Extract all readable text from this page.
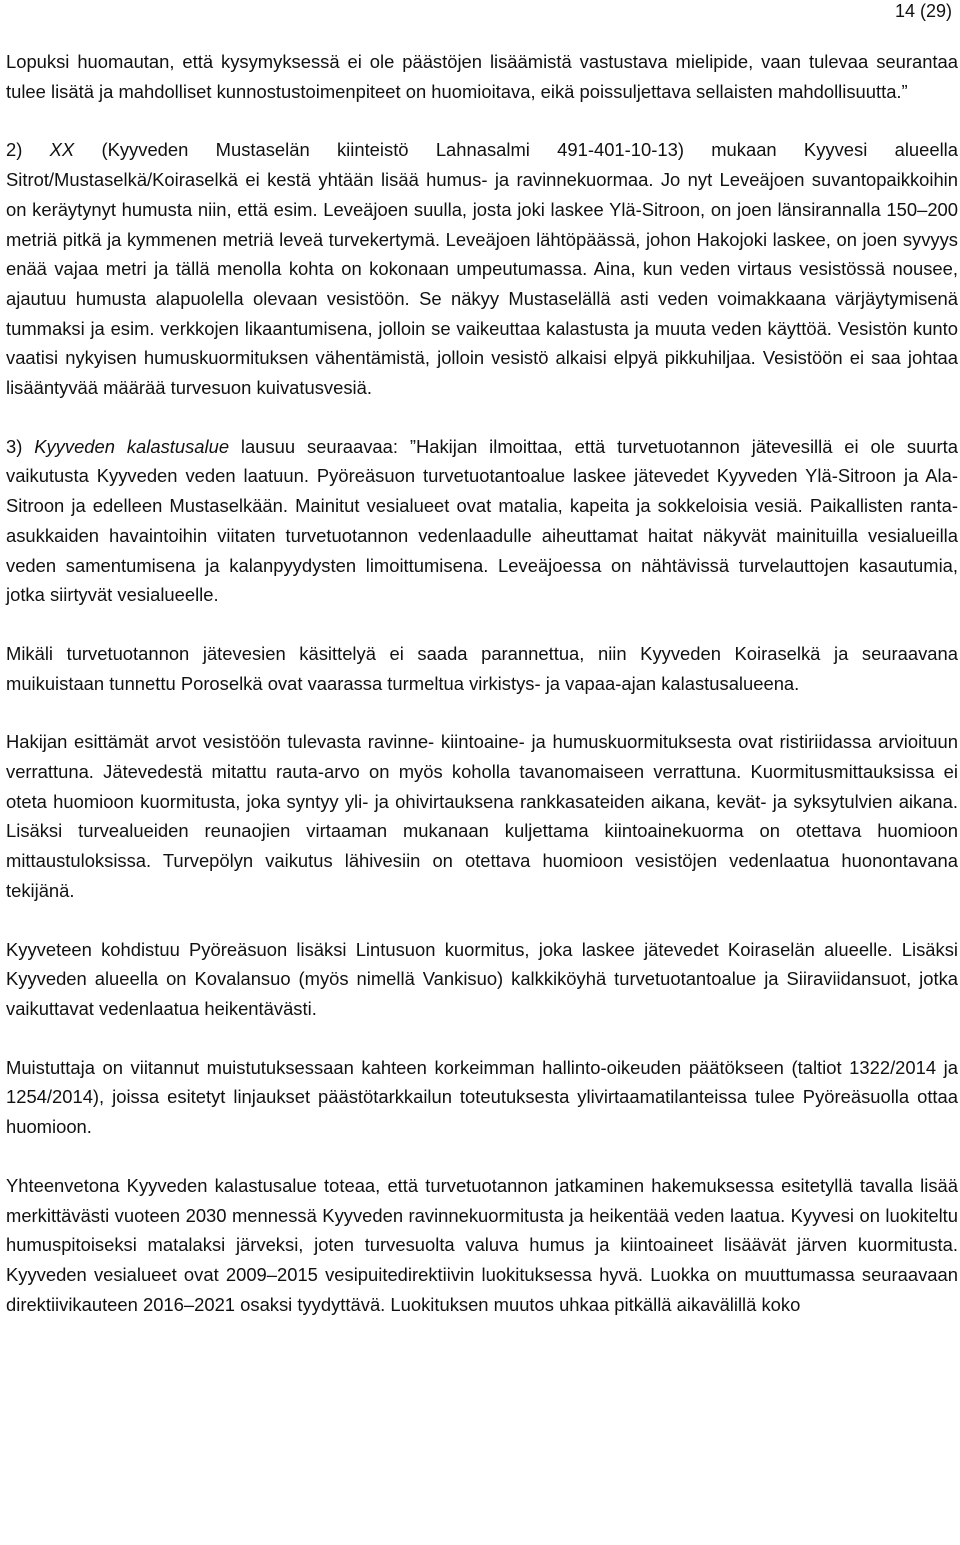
14 (29)

Lopuksi huomautan, että kysymyksessä ei ole päästöjen lisäämistä vastustava mielipide, vaan tulevaa seurantaa tulee lisätä ja mahdolliset kunnostustoimenpiteet on huomioitava, eikä poissuljettava sellaisten mahdollisuutta.”

2) XX (Kyyveden Mustaselän kiinteistö Lahnasalmi 491-401-10-13) mukaan Kyyvesi alueella Sitrot/Mustaselkä/Koiraselkä ei kestä yhtään lisää humus- ja ravinnekuormaa. Jo nyt Leveäjoen suvantopaikkoihin on keräytynyt humusta niin, että esim. Leveäjoen suulla, josta joki laskee Ylä-Sitroon, on joen länsirannalla 150‒200 metriä pitkä ja kymmenen metriä leveä turvekertymä. Leveäjoen lähtöpäässä, johon Hakojoki laskee, on joen syvyys enää vajaa metri ja tällä menolla kohta on kokonaan umpeutumassa. Aina, kun veden virtaus vesistössä nousee, ajautuu humusta alapuolella olevaan vesistöön. Se näkyy Mustaselällä asti veden voimakkaana värjäytymisenä tummaksi ja esim. verkkojen likaantumisena, jolloin se vaikeuttaa kalastusta ja muuta veden käyttöä. Vesistön kunto vaatisi nykyisen humuskuormituksen vähentämistä, jolloin vesistö alkaisi elpyä pikkuhiljaa. Vesistöön ei saa johtaa lisääntyvää määrää turvesuon kuivatusvesiä.

3) Kyyveden kalastusalue lausuu seuraavaa: ”Hakijan ilmoittaa, että turvetuotannon jätevesillä ei ole suurta vaikutusta Kyyveden veden laatuun. Pyöreäsuon turvetuotantoalue laskee jätevedet Kyyveden Ylä-Sitroon ja Ala-Sitroon ja edelleen Mustaselkään. Mainitut vesialueet ovat matalia, kapeita ja sokkeloisia vesiä. Paikallisten ranta-asukkaiden havaintoihin viitaten turvetuotannon vedenlaadulle aiheuttamat haitat näkyvät mainituilla vesialueilla veden samentumisena ja kalanpyydysten limoittumisena. Leveäjoessa on nähtävissä turvelauttojen kasautumia, jotka siirtyvät vesialueelle.

Mikäli turvetuotannon jätevesien käsittelyä ei saada parannettua, niin Kyyveden Koiraselkä ja seuraavana muikuistaan tunnettu Poroselkä ovat vaarassa turmeltua virkistys- ja vapaa-ajan kalastusalueena.

Hakijan esittämät arvot vesistöön tulevasta ravinne- kiintoaine- ja humuskuormituksesta ovat ristiriidassa arvioituun verrattuna. Jätevedestä mitattu rauta-arvo on myös koholla tavanomaiseen verrattuna. Kuormitusmittauksissa ei oteta huomioon kuormitusta, joka syntyy yli- ja ohivirtauksena rankkasateiden aikana, kevät- ja syksytulvien aikana. Lisäksi turvealueiden reunaojien virtaaman mukanaan kuljettama kiintoainekuorma on otettava huomioon mittaustuloksissa. Turvepölyn vaikutus lähivesiin on otettava huomioon vesistöjen vedenlaatua huonontavana tekijänä.

Kyyveteen kohdistuu Pyöreäsuon lisäksi Lintusuon kuormitus, joka laskee jätevedet Koiraselän alueelle. Lisäksi Kyyveden alueella on Kovalansuo (myös nimellä Vankisuo) kalkkiköyhä turvetuotantoalue ja Siiraviidansuot, jotka vaikuttavat vedenlaatua heikentävästi.

Muistuttaja on viitannut muistutuksessaan kahteen korkeimman hallinto-oikeuden päätökseen (taltiot 1322/2014 ja 1254/2014), joissa esitetyt linjaukset päästötarkkailun toteutuksesta ylivirtaamatilanteissa tulee Pyöreäsuolla ottaa huomioon.

Yhteenvetona Kyyveden kalastusalue toteaa, että turvetuotannon jatkaminen hakemuksessa esitetyllä tavalla lisää merkittävästi vuoteen 2030 mennessä Kyyveden ravinnekuormitusta ja heikentää veden laatua. Kyyvesi on luokiteltu humuspitoiseksi matalaksi järveksi, joten turvesuolta valuva humus ja kiintoaineet lisäävät järven kuormitusta. Kyyveden vesialueet ovat 2009‒2015 vesipuitedirektiivin luokituksessa hyvä. Luokka on muuttumassa seuraavaan direktiivikauteen 2016‒2021 osaksi tyydyttävä. Luokituksen muutos uhkaa pitkällä aikavälillä koko
